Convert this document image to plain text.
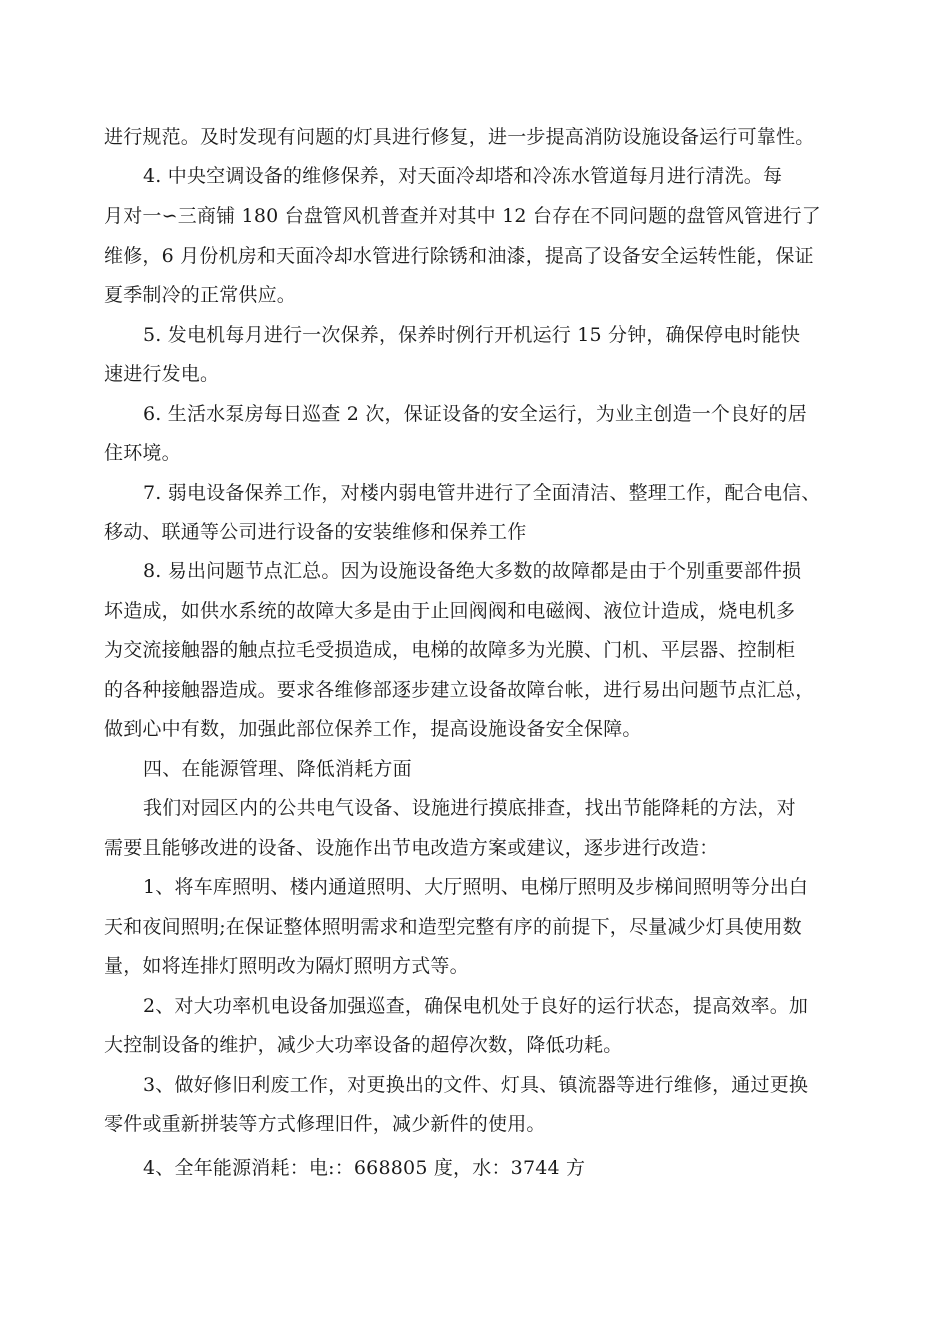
进行规范。及时发现有问题的灯具进行修复，进一步提高消防设施设备运行可靠性。
4. 中央空调设备的维修保养，对天面冷却塔和冷冻水管道每月进行清洗。每
月对一∽三商铺 180 台盘管风机普查并对其中 12 台存在不同问题的盘管风管进行了
维修，6 月份机房和天面冷却水管进行除锈和油漆，提高了设备安全运转性能，保证
夏季制冷的正常供应。
5. 发电机每月进行一次保养，保养时例行开机运行 15 分钟，确保停电时能快
速进行发电。
6. 生活水泵房每日巡查 2 次，保证设备的安全运行，为业主创造一个良好的居
住环境。
7. 弱电设备保养工作，对楼内弱电管井进行了全面清洁、整理工作，配合电信、
移动、联通等公司进行设备的安装维修和保养工作
8. 易出问题节点汇总。因为设施设备绝大多数的故障都是由于个别重要部件损
坏造成，如供水系统的故障大多是由于止回阀阀和电磁阀、液位计造成，烧电机多
为交流接触器的触点拉毛受损造成，电梯的故障多为光膜、门机、平层器、控制柜
的各种接触器造成。要求各维修部逐步建立设备故障台帐，进行易出问题节点汇总，
做到心中有数，加强此部位保养工作，提高设施设备安全保障。
四、在能源管理、降低消耗方面
我们对园区内的公共电气设备、设施进行摸底排查，找出节能降耗的方法，对
需要且能够改进的设备、设施作出节电改造方案或建议，逐步进行改造：
1、将车库照明、楼内通道照明、大厅照明、电梯厅照明及步梯间照明等分出白
天和夜间照明;在保证整体照明需求和造型完整有序的前提下，尽量减少灯具使用数
量，如将连排灯照明改为隔灯照明方式等。
2、对大功率机电设备加强巡查，确保电机处于良好的运行状态，提高效率。加
大控制设备的维护，减少大功率设备的超停次数，降低功耗。
3、做好修旧利废工作，对更换出的文件、灯具、镇流器等进行维修，通过更换
零件或重新拼装等方式修理旧件，减少新件的使用。
4、全年能源消耗：电:：668805 度，水：3744 方
